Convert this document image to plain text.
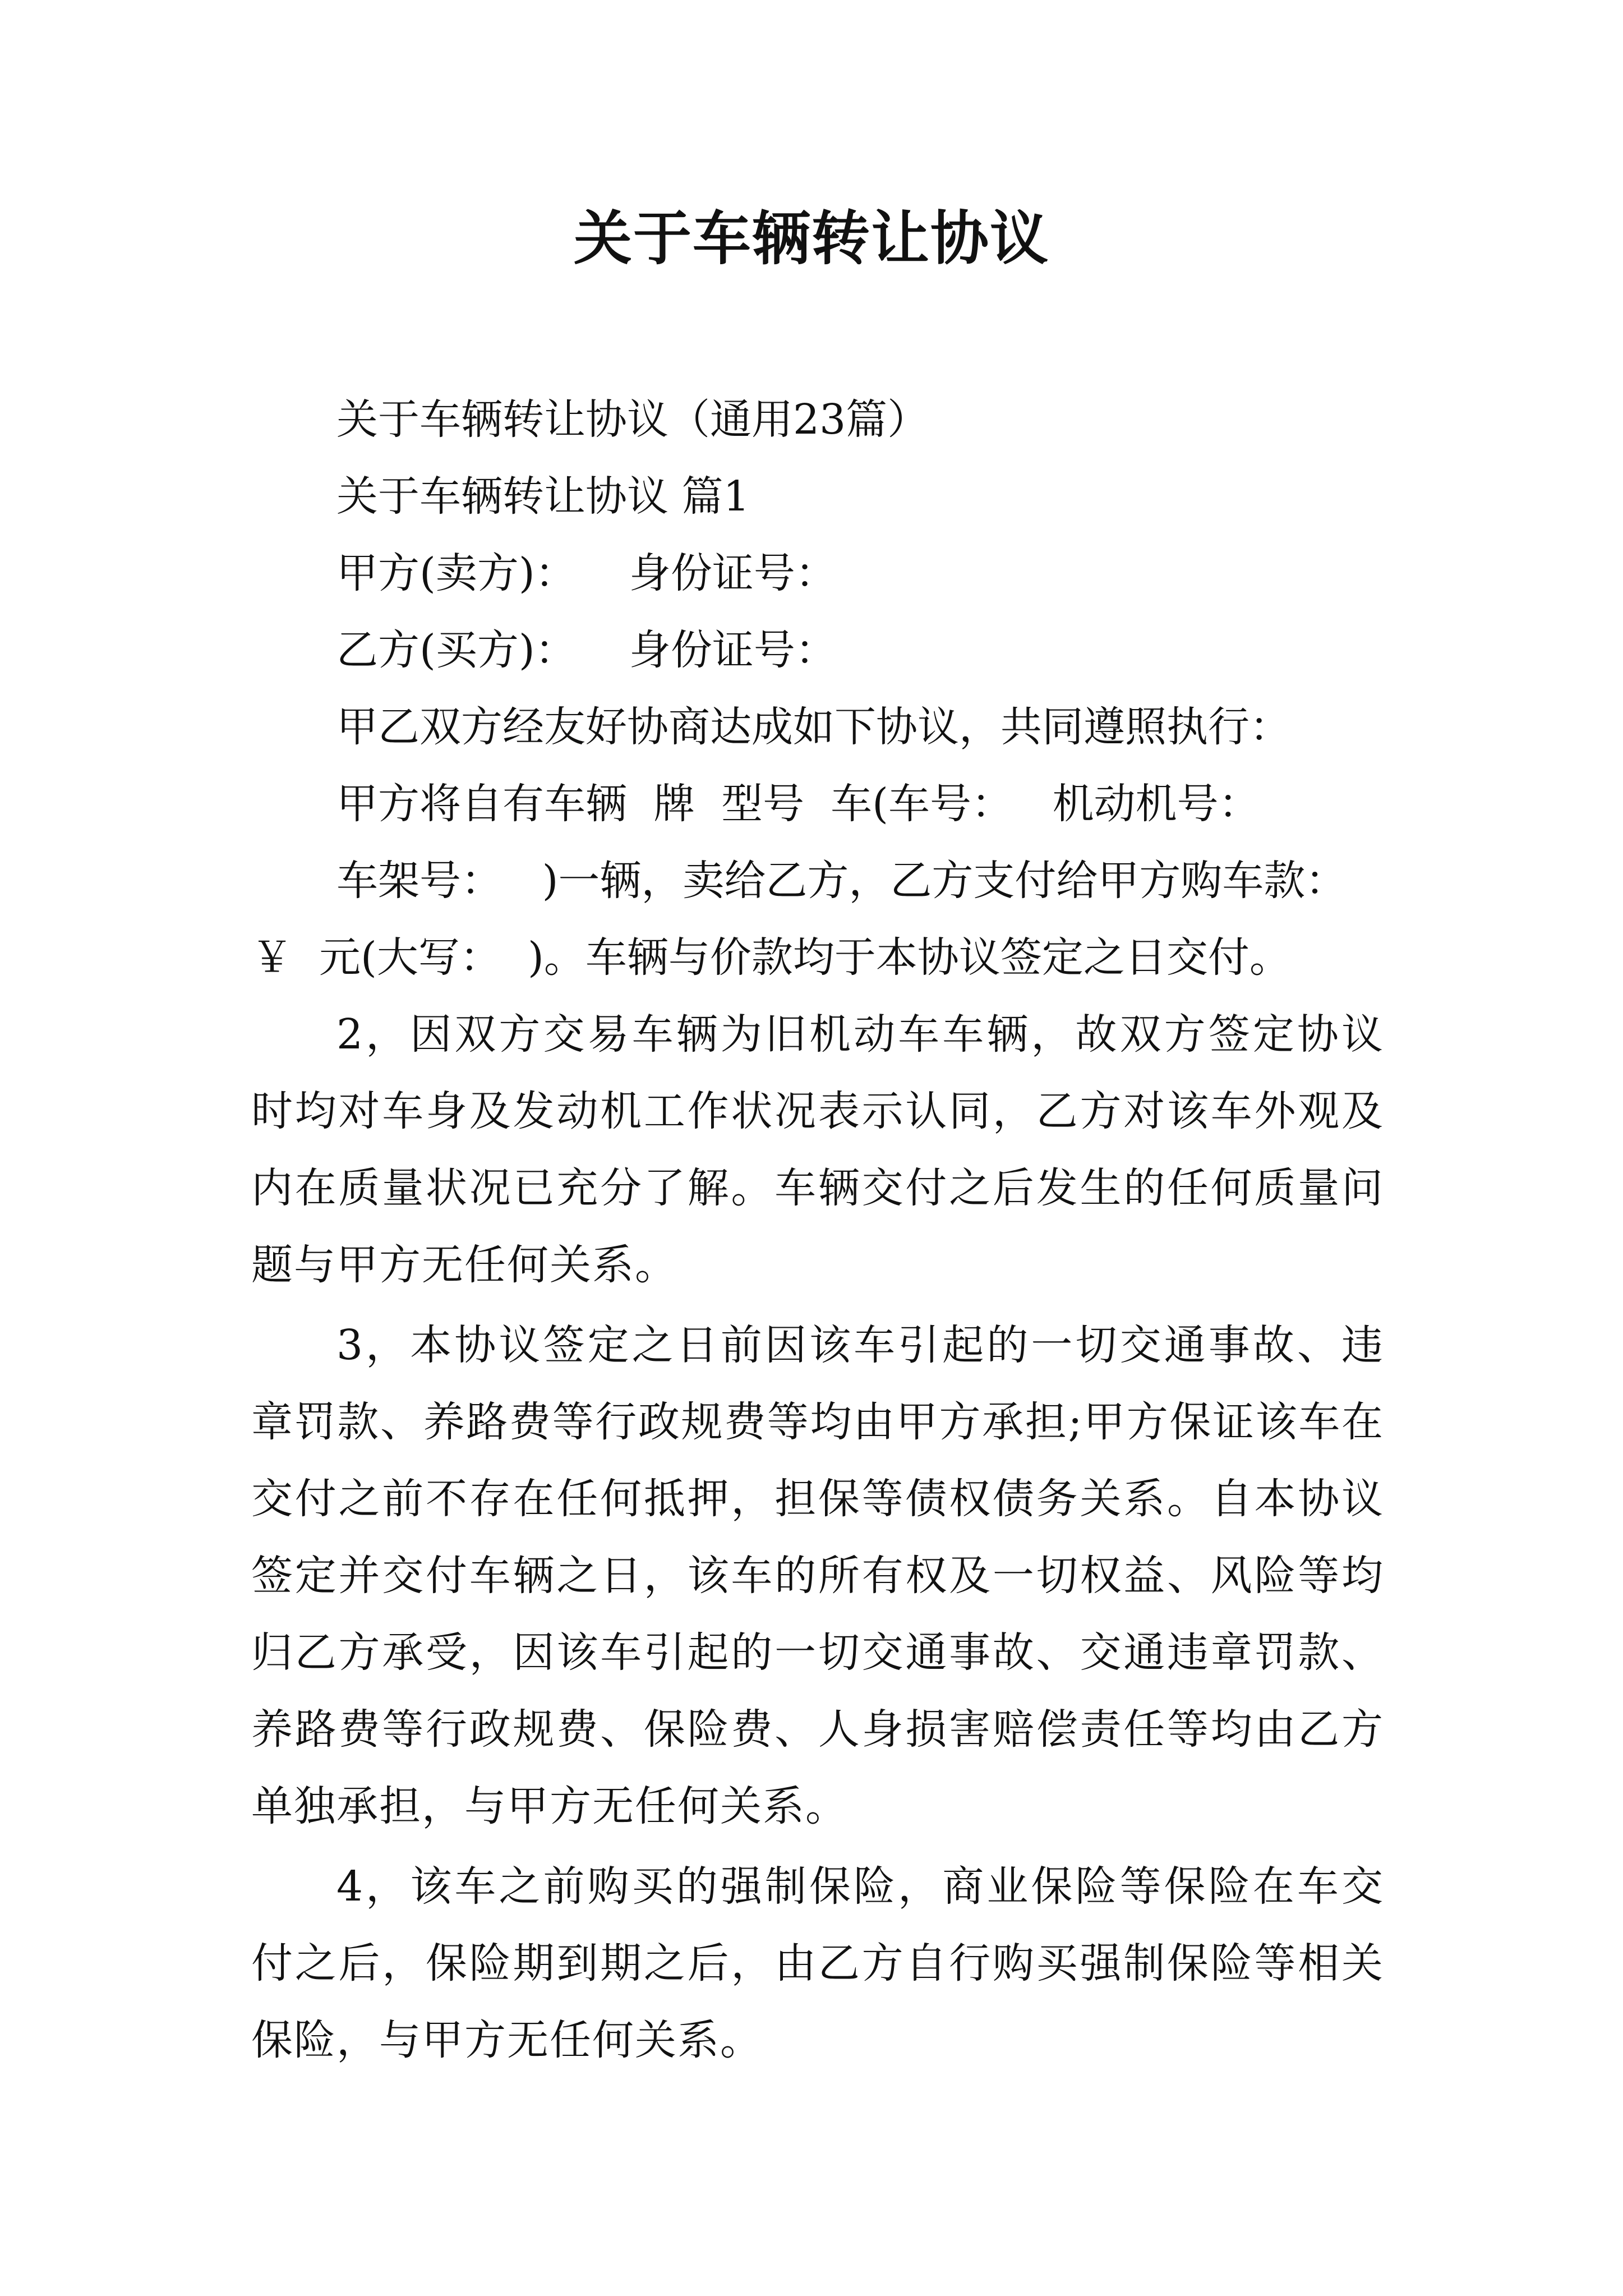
关于车辆转让协议
关于车辆转让协议（通用23篇）
关于车辆转让协议 篇1
甲方(卖方)：    身份证号：
乙方(买方)：    身份证号：
甲乙双方经友好协商达成如下协议，共同遵照执行：
甲方将自有车辆  牌  型号  车(车号：   机动机号：
车架号：   )一辆，卖给乙方，乙方支付给甲方购车款：
￥  元(大写：  )。车辆与价款均于本协议签定之日交付。

2，因双方交易车辆为旧机动车车辆，故双方签定协议时均对车身及发动机工作状况表示认同，乙方对该车外观及内在质量状况已充分了解。车辆交付之后发生的任何质量问题与甲方无任何关系。

3，本协议签定之日前因该车引起的一切交通事故、违章罚款、养路费等行政规费等均由甲方承担;甲方保证该车在交付之前不存在任何抵押，担保等债权债务关系。自本协议签定并交付车辆之日，该车的所有权及一切权益、风险等均归乙方承受，因该车引起的一切交通事故、交通违章罚款、养路费等行政规费、保险费、人身损害赔偿责任等均由乙方单独承担，与甲方无任何关系。

4，该车之前购买的强制保险，商业保险等保险在车交付之后，保险期到期之后，由乙方自行购买强制保险等相关保险，与甲方无任何关系。
